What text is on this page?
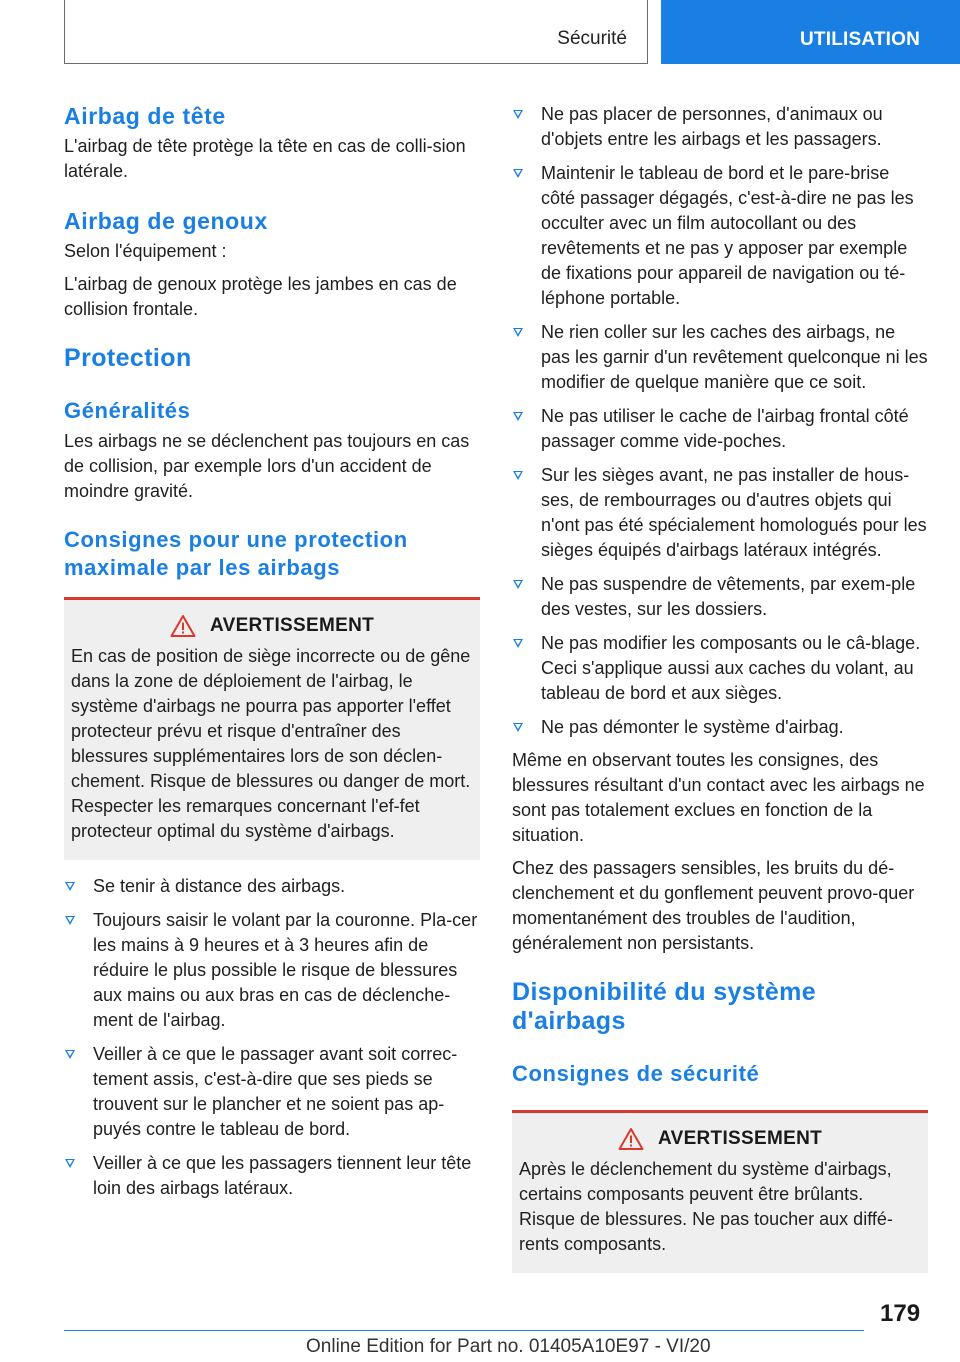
Sécurité	UTILISATION
Airbag de tête

L'airbag de tête protège la tête en cas de colli-sion latérale.

Airbag de genoux

Selon l'équipement :

L'airbag de genoux protège les jambes en cas de collision frontale.

Protection
Généralités

Les airbags ne se déclenchent pas toujours en cas de collision, par exemple lors d'un accident de moindre gravité.

Consignes pour une protection maximale par les airbags
AVERTISSEMENT

En cas de position de siège incorrecte ou de gêne dans la zone de déploiement de l'airbag, le système d'airbags ne pourra pas apporter l'effet protecteur prévu et risque d'entraîner des blessures supplémentaires lors de son déclen-chement. Risque de blessures ou danger de mort. Respecter les remarques concernant l'ef-fet protecteur optimal du système d'airbags.

Se tenir à distance des airbags.
Toujours saisir le volant par la couronne. Pla-cer les mains à 9 heures et à 3 heures afin de réduire le plus possible le risque de blessures aux mains ou aux bras en cas de déclenche-ment de l'airbag.
Veiller à ce que le passager avant soit correc-tement assis, c'est-à-dire que ses pieds se trouvent sur le plancher et ne soient pas ap-puyés contre le tableau de bord.
Veiller à ce que les passagers tiennent leur tête loin des airbags latéraux.
Ne pas placer de personnes, d'animaux ou d'objets entre les airbags et les passagers.
Maintenir le tableau de bord et le pare-brise côté passager dégagés, c'est-à-dire ne pas les occulter avec un film autocollant ou des revêtements et ne pas y apposer par exemple de fixations pour appareil de navigation ou té-léphone portable.
Ne rien coller sur les caches des airbags, ne pas les garnir d'un revêtement quelconque ni les modifier de quelque manière que ce soit.
Ne pas utiliser le cache de l'airbag frontal côté passager comme vide-poches.
Sur les sièges avant, ne pas installer de hous-ses, de rembourrages ou d'autres objets qui n'ont pas été spécialement homologués pour les sièges équipés d'airbags latéraux intégrés.
Ne pas suspendre de vêtements, par exem-ple des vestes, sur les dossiers.
Ne pas modifier les composants ou le câ-blage. Ceci s'applique aussi aux caches du volant, au tableau de bord et aux sièges.
Ne pas démonter le système d'airbag.

Même en observant toutes les consignes, des blessures résultant d'un contact avec les airbags ne sont pas totalement exclues en fonction de la situation.

Chez des passagers sensibles, les bruits du dé-clenchement et du gonflement peuvent provo-quer momentanément des troubles de l'audition, généralement non persistants.

Disponibilité du système d'airbags
Consignes de sécurité
AVERTISSEMENT

Après le déclenchement du système d'airbags, certains composants peuvent être brûlants. Risque de blessures. Ne pas toucher aux diffé-rents composants.

179
Online Edition for Part no. 01405A10E97 - VI/20
